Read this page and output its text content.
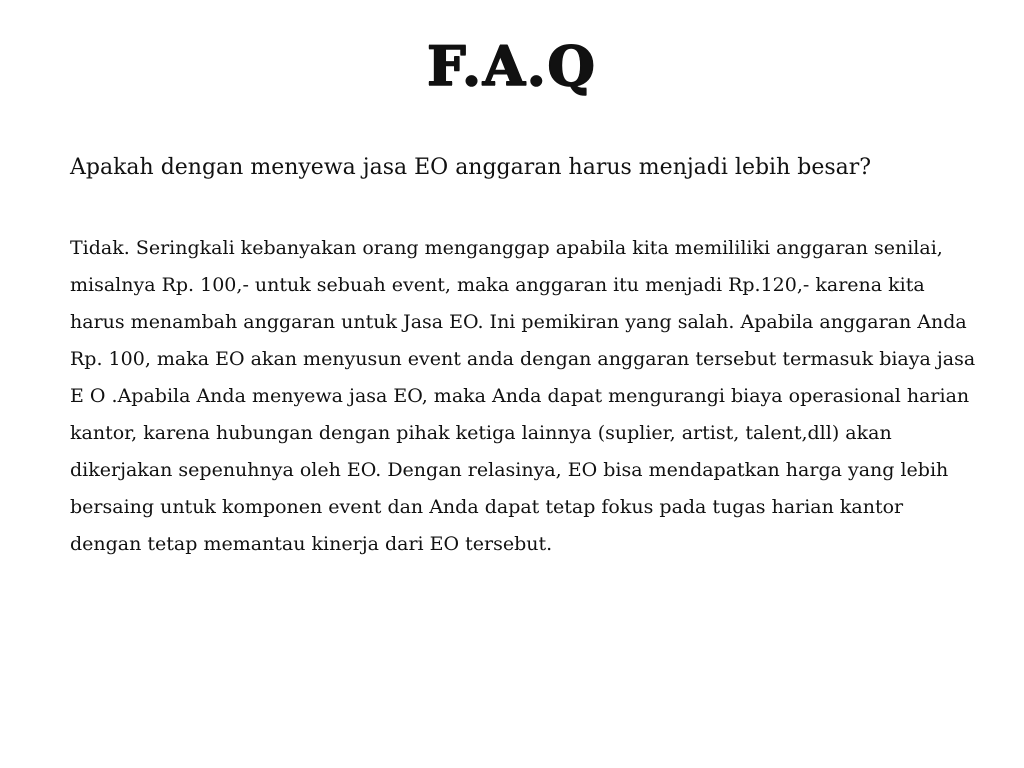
F.A.Q

Apakah dengan menyewa jasa EO anggaran harus menjadi lebih besar?

Tidak. Seringkali kebanyakan orang menganggap apabila kita memililiki anggaran senilai, misalnya Rp. 100,- untuk sebuah event, maka anggaran itu menjadi Rp.120,- karena kita harus menambah anggaran untuk Jasa EO. Ini pemikiran yang salah. Apabila anggaran Anda Rp. 100, maka EO akan menyusun event anda dengan anggaran tersebut termasuk biaya jasa E O .Apabila Anda menyewa jasa EO, maka Anda dapat mengurangi biaya operasional harian kantor, karena hubungan dengan pihak ketiga lainnya (suplier, artist, talent,dll) akan dikerjakan sepenuhnya oleh EO. Dengan relasinya, EO bisa mendapatkan harga yang lebih bersaing untuk komponen event dan Anda dapat tetap fokus pada tugas harian kantor dengan tetap memantau kinerja dari EO tersebut.
